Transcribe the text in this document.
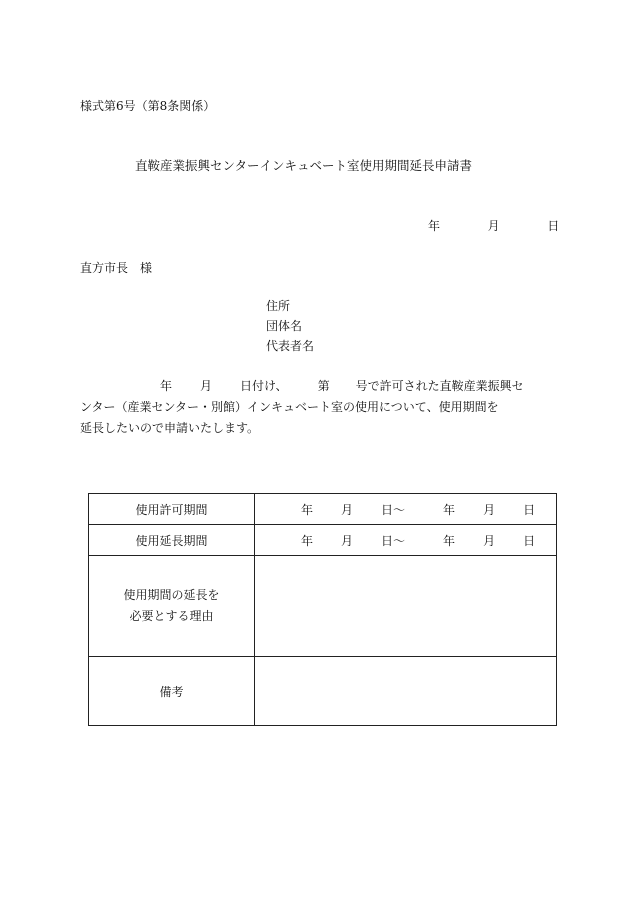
様式第6号（第8条関係）
直鞍産業振興センターインキュベート室使用期間延長申請書
年	月	日
直方市長　様
住所
団体名
代表者名
年 月 日付け、	第 号で許可された直鞍産業振興セ
ンター（産業センター・別館）インキュベート室の使用について、使用期間を
延長したいので申請いたします。
使用許可期間	年 月 日〜 年 月 日
使用延長期間	年 月 日〜 年 月 日

使用期間の延長を
必要とする理由	

備考	
